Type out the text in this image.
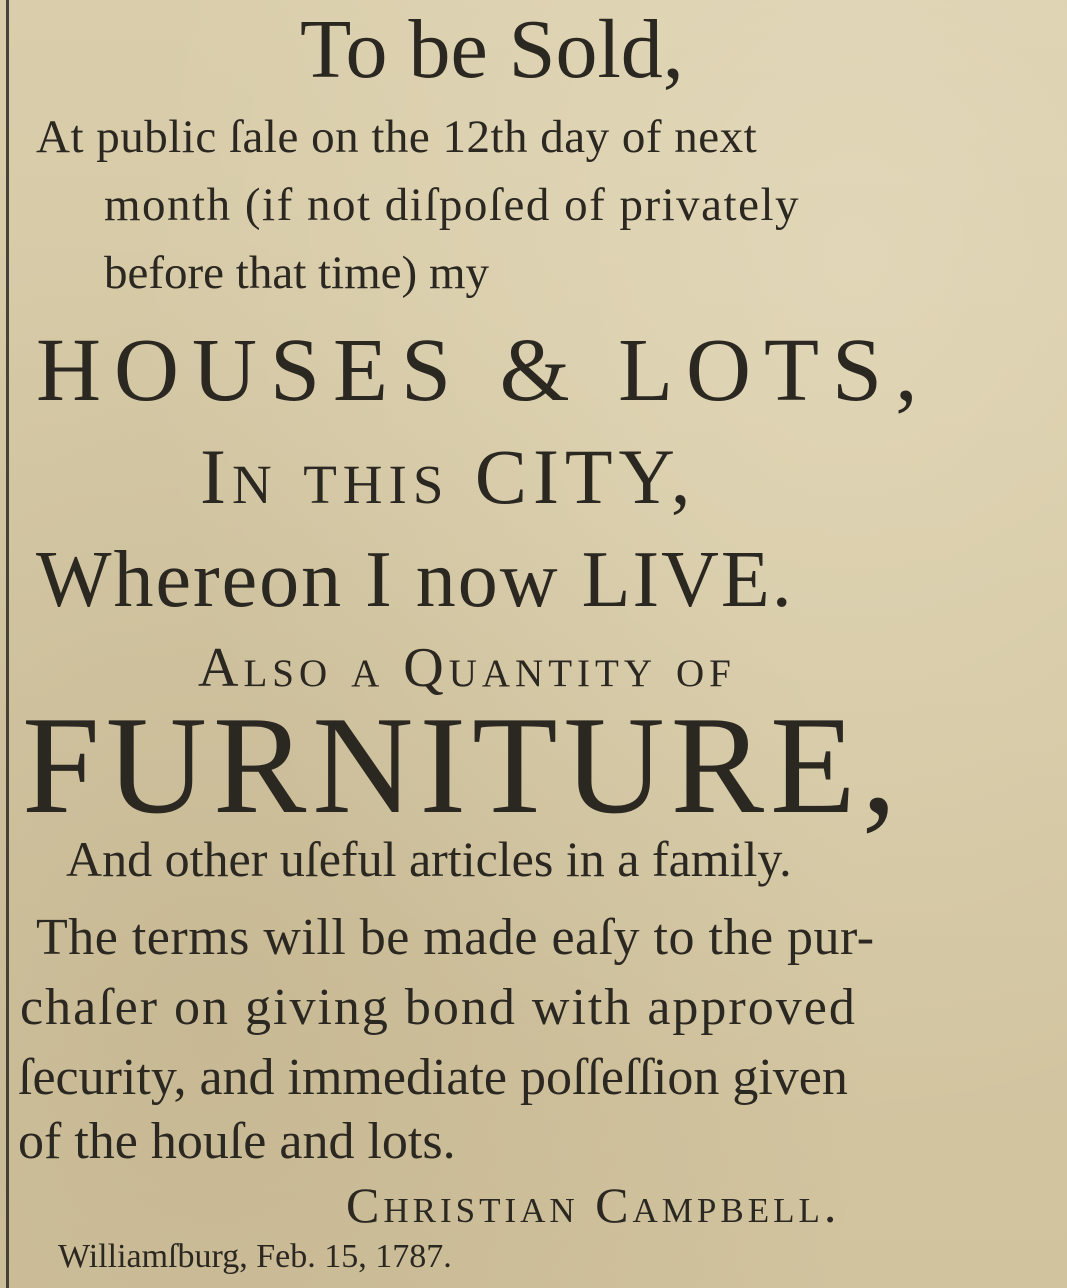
To be Sold,
At public ſale on the 12th day of next
month (if not diſpoſed of privately
before that time) my
HOUSES & LOTS,
In this CITY,
Whereon I now LIVE.
Also a Quantity of
FURNITURE,
And other uſeful articles in a family.
The terms will be made eaſy to the pur-
chaſer on giving bond with approved
ſecurity, and immediate poſſeſſion given
of the houſe and lots.
Christian Campbell.
Williamſburg, Feb. 15, 1787.
